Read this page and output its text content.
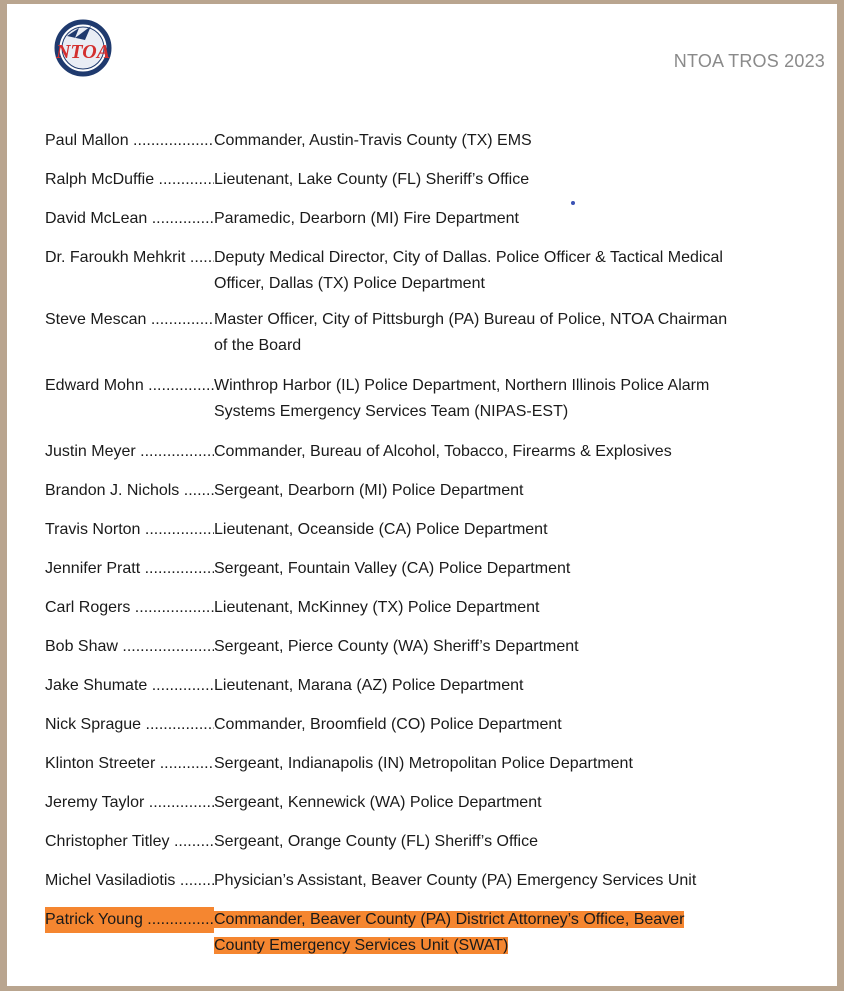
NTOA	NTOA TROS 2023
Paul Mallon .....	Commander, Austin-Travis County (TX) EMS
Ralph McDuffie .....	Lieutenant, Lake County (FL) Sheriff’s Office
David McLean .....	Paramedic, Dearborn (MI) Fire Department
Dr. Faroukh Mehkrit .....	Deputy Medical Director, City of Dallas. Police Officer & Tactical Medical
Officer, Dallas (TX) Police Department
Steve Mescan .....	Master Officer, City of Pittsburgh (PA) Bureau of Police, NTOA Chairman
of the Board
Edward Mohn .....	Winthrop Harbor (IL) Police Department, Northern Illinois Police Alarm
Systems Emergency Services Team (NIPAS-EST)
Justin Meyer .....	Commander, Bureau of Alcohol, Tobacco, Firearms & Explosives
Brandon J. Nichols .....	Sergeant, Dearborn (MI) Police Department
Travis Norton .....	Lieutenant, Oceanside (CA) Police Department
Jennifer Pratt .....	Sergeant, Fountain Valley (CA) Police Department
Carl Rogers .....	Lieutenant, McKinney (TX) Police Department
Bob Shaw .....	Sergeant, Pierce County (WA) Sheriff’s Department
Jake Shumate .....	Lieutenant, Marana (AZ) Police Department
Nick Sprague .....	Commander, Broomfield (CO) Police Department
Klinton Streeter .....	Sergeant, Indianapolis (IN) Metropolitan Police Department
Jeremy Taylor .....	Sergeant, Kennewick (WA) Police Department
Christopher Titley .....	Sergeant, Orange County (FL) Sheriff’s Office
Michel Vasiladiotis .....	Physician’s Assistant, Beaver County (PA) Emergency Services Unit
Patrick Young .....	Commander, Beaver County (PA) District Attorney’s Office, Beaver
County Emergency Services Unit (SWAT)
